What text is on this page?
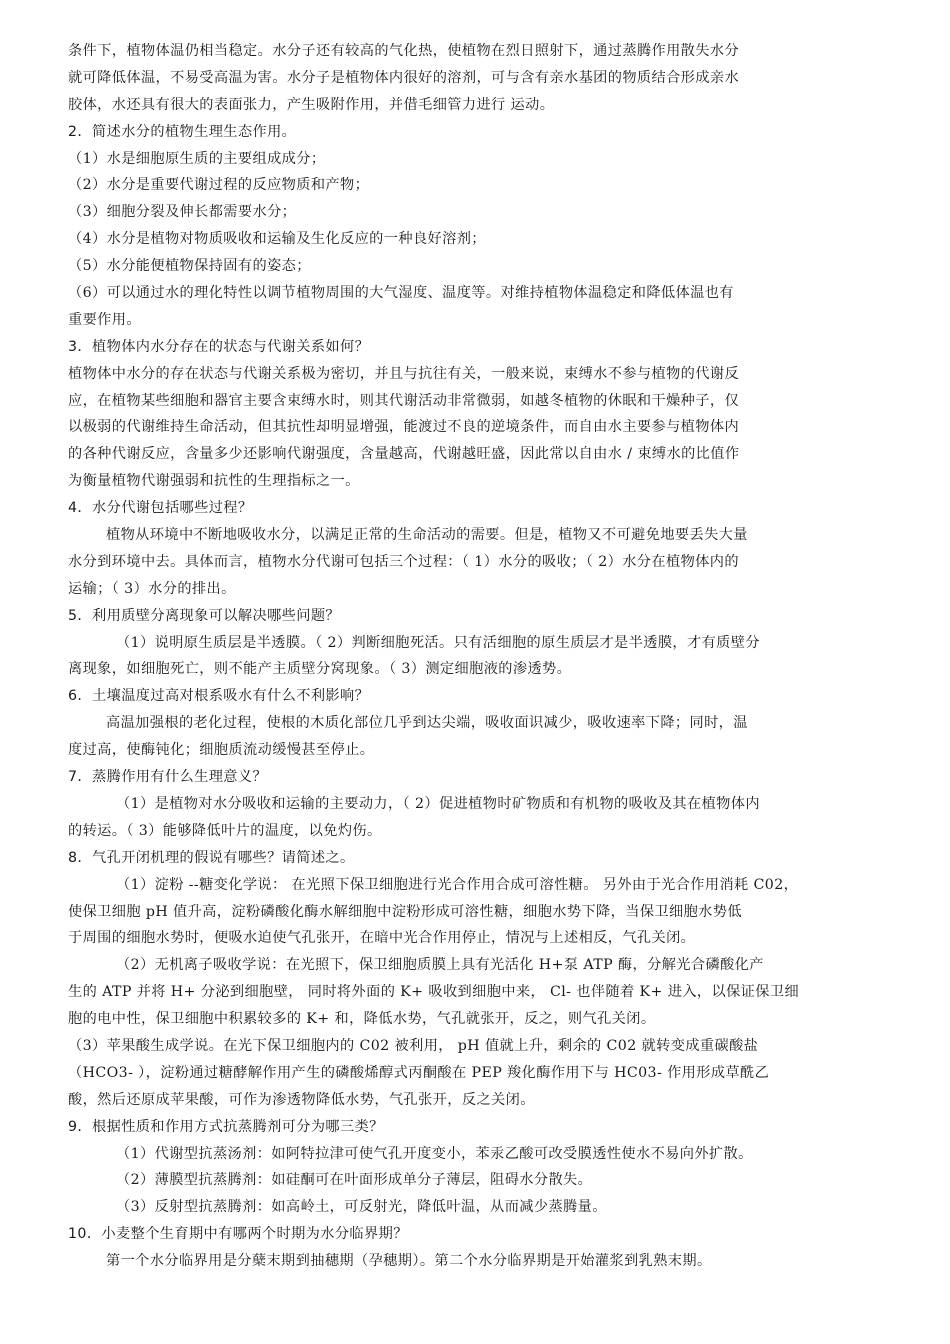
条件下，植物体温仍相当稳定。水分子还有较高的气化热，使植物在烈日照射下，通过蒸腾作用散失水分
就可降低体温，不易受高温为害。水分子是植物体内很好的溶剂，可与含有亲水基团的物质结合形成亲水
胶体，水还具有很大的表面张力，产生吸附作用，并借毛细管力进行 运动。
2．简述水分的植物生理生态作用。
（1）水是细胞原生质的主要组成成分；
（2）水分是重要代谢过程的反应物质和产物；
（3）细胞分裂及伸长都需要水分；
（4）水分是植物对物质吸收和运输及生化反应的一种良好溶剂；
（5）水分能便植物保持固有的姿态；
（6）可以通过水的理化特性以调节植物周围的大气湿度、温度等。对维持植物体温稳定和降低体温也有
重要作用。
3．植物体内水分存在的状态与代谢关系如何？
植物体中水分的存在状态与代谢关系极为密切，并且与抗往有关，一般来说，束缚水不参与植物的代谢反
应，在植物某些细胞和器官主要含束缚水时，则其代谢活动非常微弱，如越冬植物的休眠和干燥种子，仅
以极弱的代谢维持生命活动，但其抗性却明显增强，能渡过不良的逆境条件，而自由水主要参与植物体内
的各种代谢反应，含量多少还影响代谢强度，含量越高，代谢越旺盛，因此常以自由水 / 束缚水的比值作
为衡量植物代谢强弱和抗性的生理指标之一。
4．水分代谢包括哪些过程？
植物从环境中不断地吸收水分，以满足正常的生命活动的需要。但是，植物又不可避免地要丢失大量
水分到环境中去。具体而言，植物水分代谢可包括三个过程：（ 1）水分的吸收；（ 2）水分在植物体内的
运输；（ 3）水分的排出。
5．利用质壁分离现象可以解决哪些问题？
（1）说明原生质层是半透膜。（ 2）判断细胞死活。只有活细胞的原生质层才是半透膜，才有质壁分
离现象，如细胞死亡，则不能产主质壁分窝现象。（ 3）测定细胞液的渗透势。
6．土壤温度过高对根系吸水有什么不利影响？
高温加强根的老化过程，使根的木质化部位几乎到达尖端，吸收面识减少，吸收速率下降；同时，温
度过高，使酶钝化；细胞质流动缓慢甚至停止。
7．蒸腾作用有什么生理意义？
（1）是植物对水分吸收和运输的主要动力，（ 2）促进植物时矿物质和有机物的吸收及其在植物体内
的转运。（ 3）能够降低叶片的温度，以免灼伤。
8．气孔开闭机理的假说有哪些？请简述之。
（1）淀粉 --糖变化学说： 在光照下保卫细胞进行光合作用合成可溶性糖。 另外由于光合作用消耗 C02，
使保卫细胞 pH 值升高，淀粉磷酸化酶水解细胞中淀粉形成可溶性糖，细胞水势下降，当保卫细胞水势低
于周围的细胞水势时，便吸水迫使气孔张开，在暗中光合作用停止，情况与上述相反，气孔关闭。
（2）无机离子吸收学说：在光照下，保卫细胞质膜上具有光活化 H+泵 ATP 酶，分解光合磷酸化产
生的 ATP 并将 H+ 分泌到细胞壁， 同时将外面的 K+ 吸收到细胞中来， Cl- 也伴随着 K+ 进入，以保证保卫细
胞的电中性，保卫细胞中积累较多的 K+ 和，降低水势，气孔就张开，反之，则气孔关闭。
（3）苹果酸生成学说。在光下保卫细胞内的 C02 被利用， pH 值就上升，剩余的 C02 就转变成重碳酸盐
（HCO3- ），淀粉通过糖酵解作用产生的磷酸烯醇式丙酮酸在 PEP 羧化酶作用下与 HC03- 作用形成草酰乙
酸，然后还原成苹果酸，可作为渗透物降低水势，气孔张开，反之关闭。
9．根据性质和作用方式抗蒸腾剂可分为哪三类？
（1）代谢型抗蒸汤剂：如阿特拉津可使气孔开度变小，苯汞乙酸可改受膜透性使水不易向外扩散。
（2）薄膜型抗蒸腾剂：如硅酮可在叶面形成单分子薄层，阻碍水分散失。
（3）反射型抗蒸腾剂：如高岭土，可反射光，降低叶温，从而减少蒸腾量。
10．小麦整个生育期中有哪两个时期为水分临界期？
第一个水分临界用是分蘖末期到抽穗期（孕穗期）。第二个水分临界期是开始灌浆到乳熟末期。
